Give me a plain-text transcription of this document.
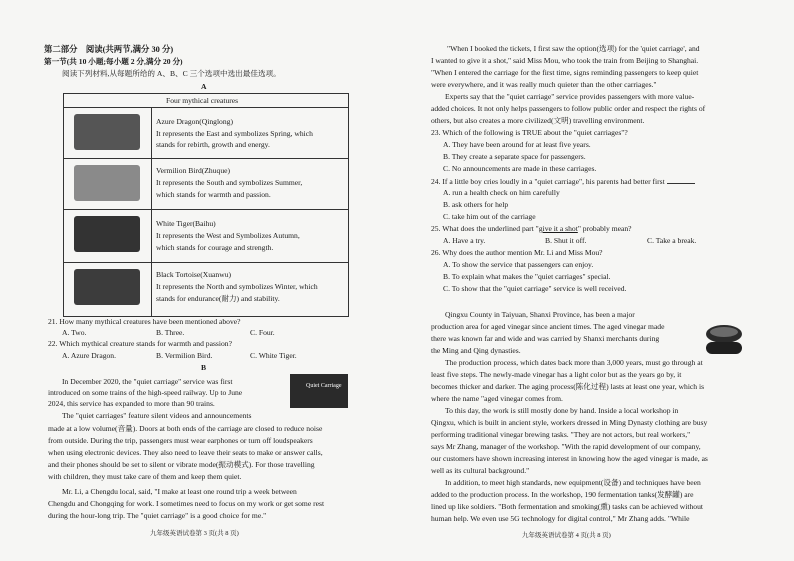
第二部分　阅读(共两节,满分 30 分)
第一节(共 10 小题;每小题 2 分,满分 20 分)
阅读下列材料,从每题所给的 A、B、C 三个选项中选出最佳选项。
A
Four mythical creatures
Azure Dragon(Qinglong)
It represents the East and symbolizes Spring, which
stands for rebirth, growth and energy.
Vermilion Bird(Zhuque)
It represents the South and symbolizes Summer,
which stands for warmth and passion.
White Tiger(Baihu)
It represents the West and Symbolizes Autumn,
which stands for courage and strength.
Black Tortoise(Xuanwu)
It represents the North and symbolizes Winter, which
stands for endurance(耐力) and stability.
21. How many mythical creatures have been mentioned above?
A. Two.	B. Three.	C. Four.
22. Which mythical creature stands for warmth and passion?
A. Azure Dragon.	B. Vermilion Bird.	C. White Tiger.
B
Quiet Carriage
In December 2020, the "quiet carriage" service was first
introduced on some trains of the high-speed railway. Up to June
2024, this service has expanded to more than 90 trains.
The "quiet carriages" feature silent videos and announcements
made at a low volume(音量). Doors at both ends of the carriage are closed to reduce noise
from outside. During the trip, passengers must wear earphones or turn off loudspeakers
when using electronic devices. They also need to leave their seats to make or answer calls,
and their phones should be set to silent or vibrate mode(振动模式). For those travelling
with children, they must take care of them and keep them quiet.
Mr. Li, a Chengdu local, said, "I make at least one round trip a week between
Chengdu and Chongqing for work. I sometimes need to focus on my work or get some rest
during the hour-long trip. The "quiet carriage" is a good choice for me."
九年级英语试卷第 3 页(共 8 页)
"When I booked the tickets, I first saw the option(选项) for the 'quiet carriage', and
I wanted to give it a shot," said Miss Mou, who took the train from Beijing to Shanghai.
"When I entered the carriage for the first time, signs reminding passengers to keep quiet
were everywhere, and it was really much quieter than the other carriages."
Experts say that the "quiet carriage" service provides passengers with more value-
added choices. It not only helps passengers to follow public order and respect the rights of
others, but also creates a more civilized(文明) travelling environment.
23. Which of the following is TRUE about the "quiet carriages"?
A. They have been around for at least five years.
B. They create a separate space for passengers.
C. No announcements are made in these carriages.
24. If a little boy cries loudly in a "quiet carriage", his parents had better first
A. run a health check on him carefully
B. ask others for help
C. take him out of the carriage
25. What does the underlined part "give it a shot" probably mean?
A. Have a try.	B. Shut it off.	C. Take a break.
26. Why does the author mention Mr. Li and Miss Mou?
A. To show the service that passengers can enjoy.
B. To explain what makes the "quiet carriages" special.
C. To show that the "quiet carriage" service is well received.
Qingxu County in Taiyuan, Shanxi Province, has been a major
production area for aged vinegar since ancient times. The aged vinegar made
there was known far and wide and was carried by Shanxi merchants during
the Ming and Qing dynasties.
The production process, which dates back more than 3,000 years, must go through at
least five steps. The newly-made vinegar has a light color but as the years go by, it
becomes thicker and darker. The aging process(陈化过程) lasts at least one year, which is
where the name "aged vinegar comes from.
To this day, the work is still mostly done by hand. Inside a local workshop in
Qingxu, which is built in ancient style, workers dressed in Ming Dynasty clothing are busy
performing traditional vinegar brewing tasks. "They are not actors, but real workers,"
says Mr Zhang, manager of the workshop. "With the rapid development of our company,
our customers have shown increasing interest in knowing how the aged vinegar is made, as
well as its cultural background."
In addition, to meet high standards, new equipment(设备) and techniques have been
added to the production process. In the workshop, 190 fermentation tanks(发酵罐) are
lined up like soldiers. "Both fermentation and smoking(熏) tasks can be achieved without
human help. We even use 5G technology for digital control," Mr Zhang adds. "While
九年级英语试卷第 4 页(共 8 页)
